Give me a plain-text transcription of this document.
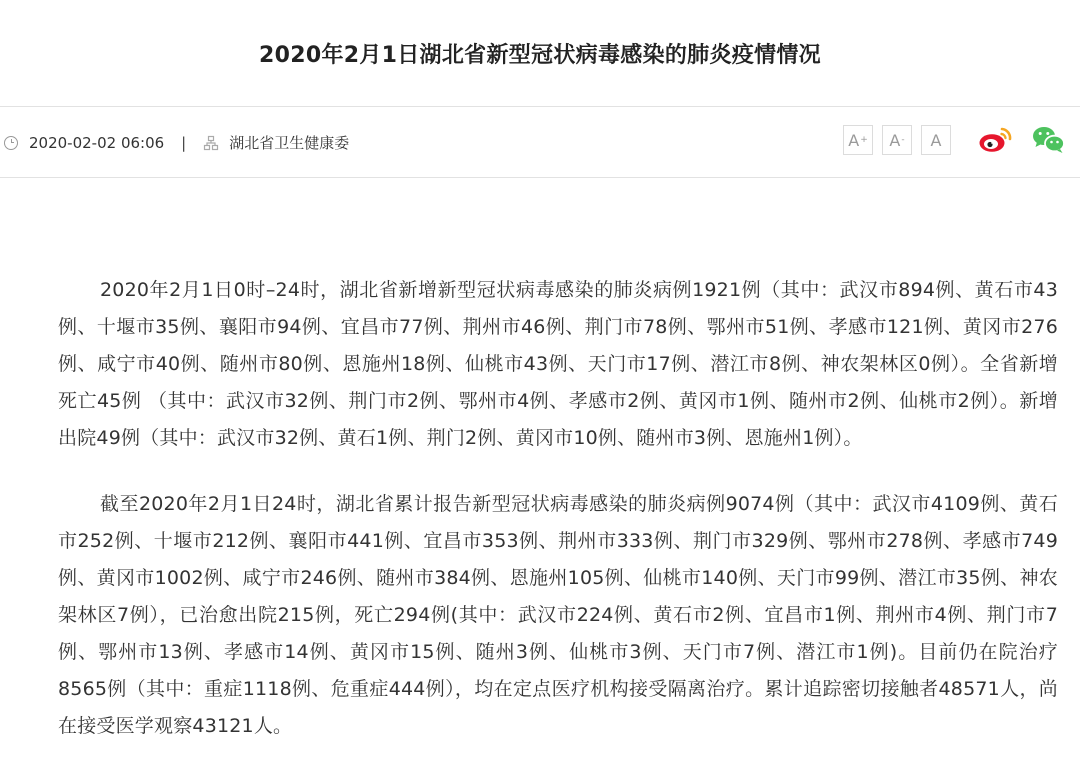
2020年2月1日湖北省新型冠状病毒感染的肺炎疫情情况
2020-02-02 06:06 |	湖北省卫生健康委	A + A - A

2020年2月1日0时–24时，湖北省新增新型冠状病毒感染的肺炎病例1921例（其中：武汉市894例、黄石市43例、十堰市35例、襄阳市94例、宜昌市77例、荆州市46例、荆门市78例、鄂州市51例、孝感市121例、黄冈市276例、咸宁市40例、随州市80例、恩施州18例、仙桃市43例、天门市17例、潜江市8例、神农架林区0例）。全省新增死亡45例 （其中：武汉市32例、荆门市2例、鄂州市4例、孝感市2例、黄冈市1例、随州市2例、仙桃市2例）。新增出院49例（其中：武汉市32例、黄石1例、荆门2例、黄冈市10例、随州市3例、恩施州1例）。

截至2020年2月1日24时，湖北省累计报告新型冠状病毒感染的肺炎病例9074例（其中：武汉市4109例、黄石市252例、十堰市212例、襄阳市441例、宜昌市353例、荆州市333例、荆门市329例、鄂州市278例、孝感市749例、黄冈市1002例、咸宁市246例、随州市384例、恩施州105例、仙桃市140例、天门市99例、潜江市35例、神农架林区7例），已治愈出院215例，死亡294例(其中：武汉市224例、黄石市2例、宜昌市1例、荆州市4例、荆门市7例、鄂州市13例、孝感市14例、黄冈市15例、随州3例、仙桃市3例、天门市7例、潜江市1例)。目前仍在院治疗8565例（其中：重症1118例、危重症444例），均在定点医疗机构接受隔离治疗。累计追踪密切接触者48571人，尚在接受医学观察43121人。
